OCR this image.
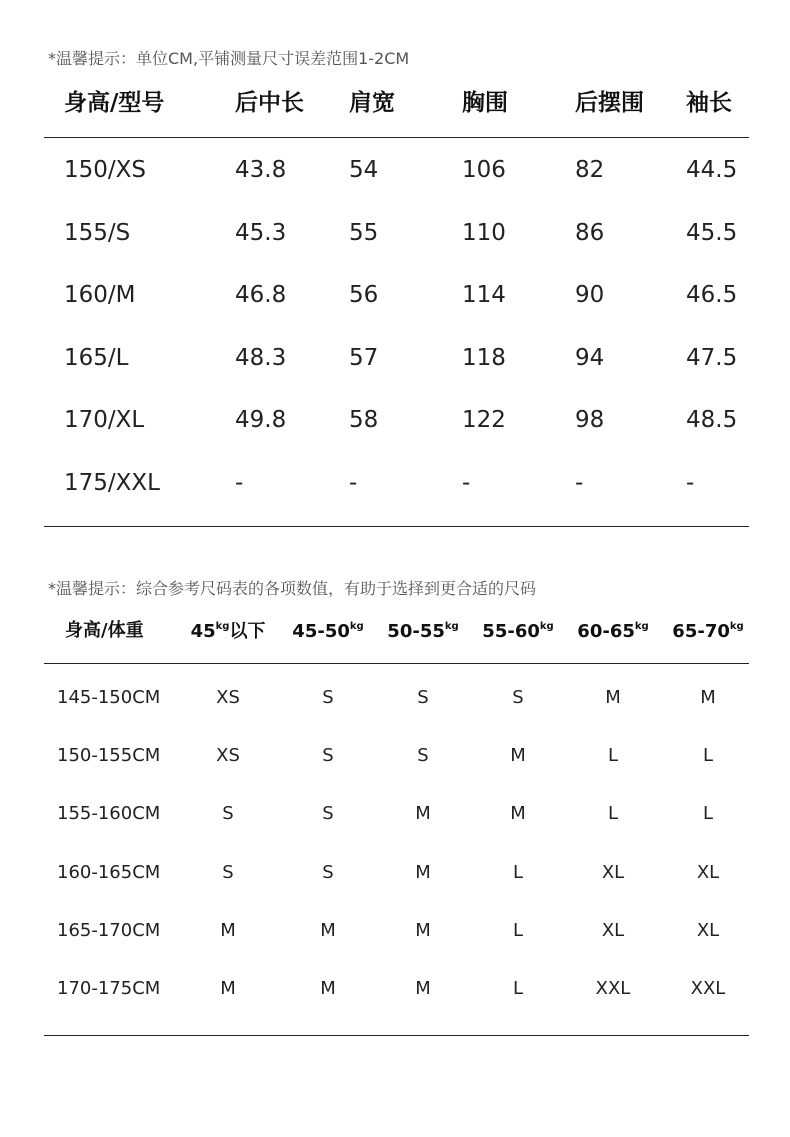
*温馨提示：单位CM,平铺测量尺寸误差范围1-2CM
身高/型号	后中长 肩宽	胸围	后摆围 袖长
150/XS	43.8	54	106	82	44.5
155/S	45.3	55	110	86	45.5
160/M	46.8	56	114	90	46.5
165/L	48.3	57	118	94	47.5
170/XL	49.8	58	122	98	48.5
175/XXL	-	-	-	-	-
*温馨提示：综合参考尺码表的各项数值，有助于选择到更合适的尺码
身高/体重	$45^{kg}$以下 $45-50^{kg}$ $50-55^{kg}$ $55-60^{kg}$ $60-65^{kg}$ $65-70^{kg}$
145-150CM	XS	S	S	S	M	M
150-155CM	XS	S	S	M	L	L
155-160CM	S	S	M	M	L	L
160-165CM	S	S	M	L	XL	XL
165-170CM	M	M	M	L	XL	XL
170-175CM	M	M	M	L	XXL	XXL
